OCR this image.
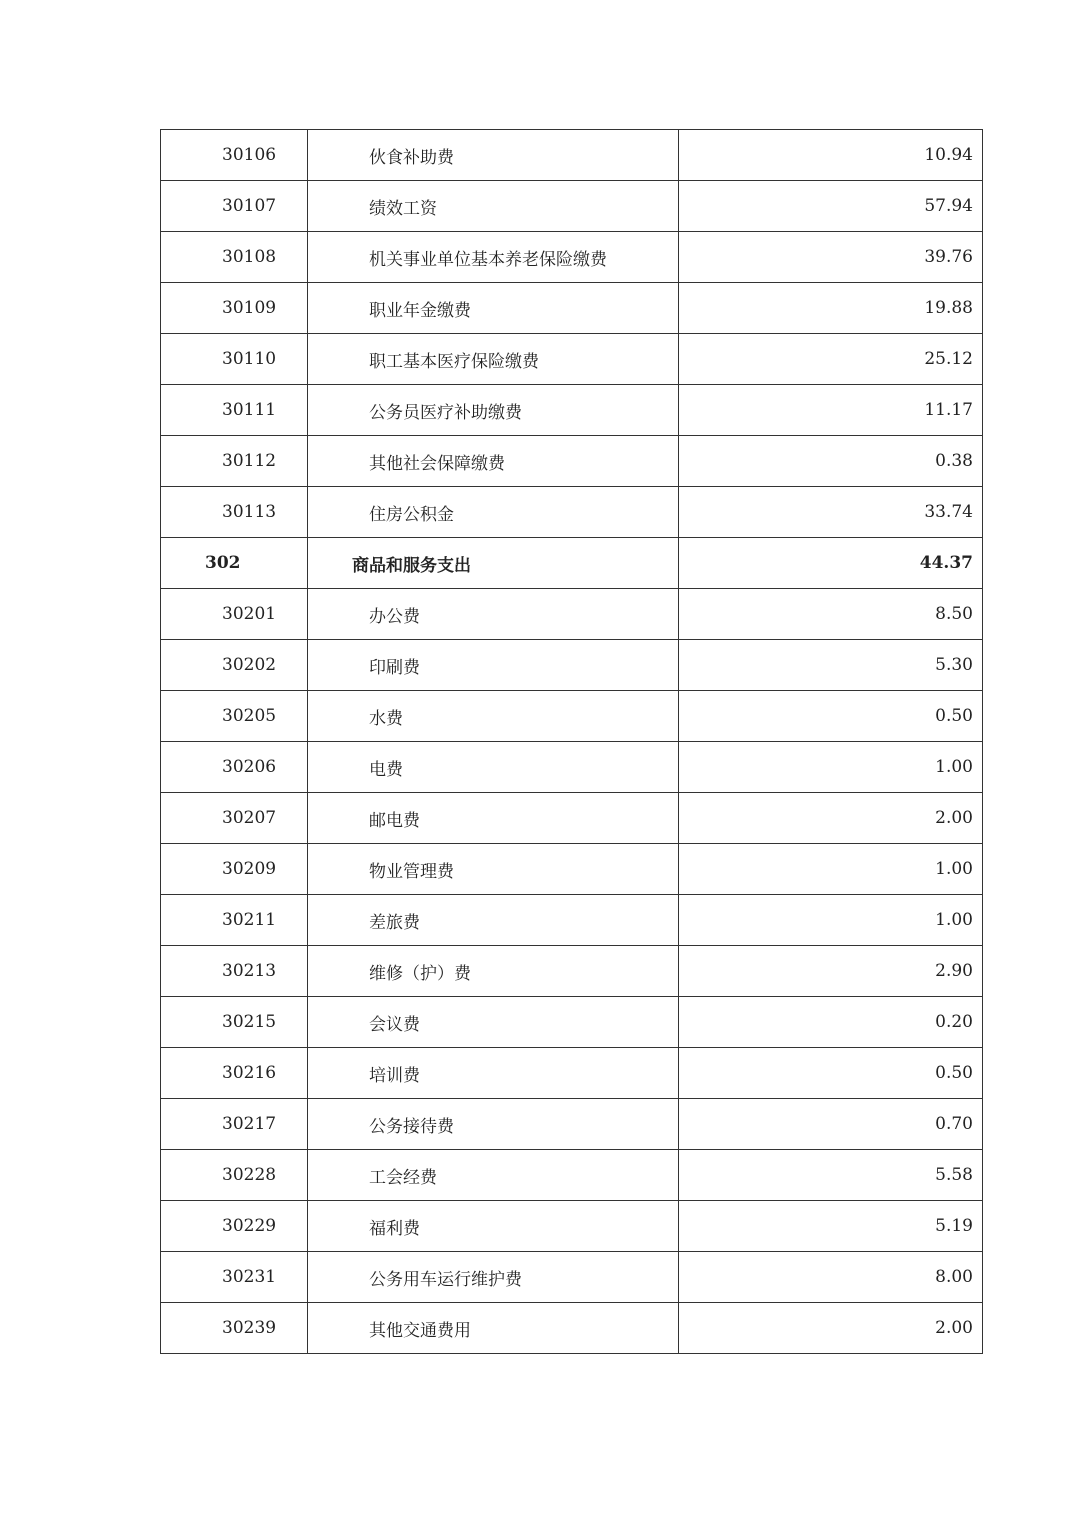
30106	伙食补助费	10.94
30107	绩效工资	57.94
30108	机关事业单位基本养老保险缴费	39.76
30109	职业年金缴费	19.88
30110	职工基本医疗保险缴费	25.12
30111	公务员医疗补助缴费	11.17
30112	其他社会保障缴费	0.38
30113	住房公积金	33.74
302	商品和服务支出	44.37
30201	办公费	8.50
30202	印刷费	5.30
30205	水费	0.50
30206	电费	1.00
30207	邮电费	2.00
30209	物业管理费	1.00
30211	差旅费	1.00
30213	维修（护）费	2.90
30215	会议费	0.20
30216	培训费	0.50
30217	公务接待费	0.70
30228	工会经费	5.58
30229	福利费	5.19
30231	公务用车运行维护费	8.00
30239	其他交通费用	2.00
